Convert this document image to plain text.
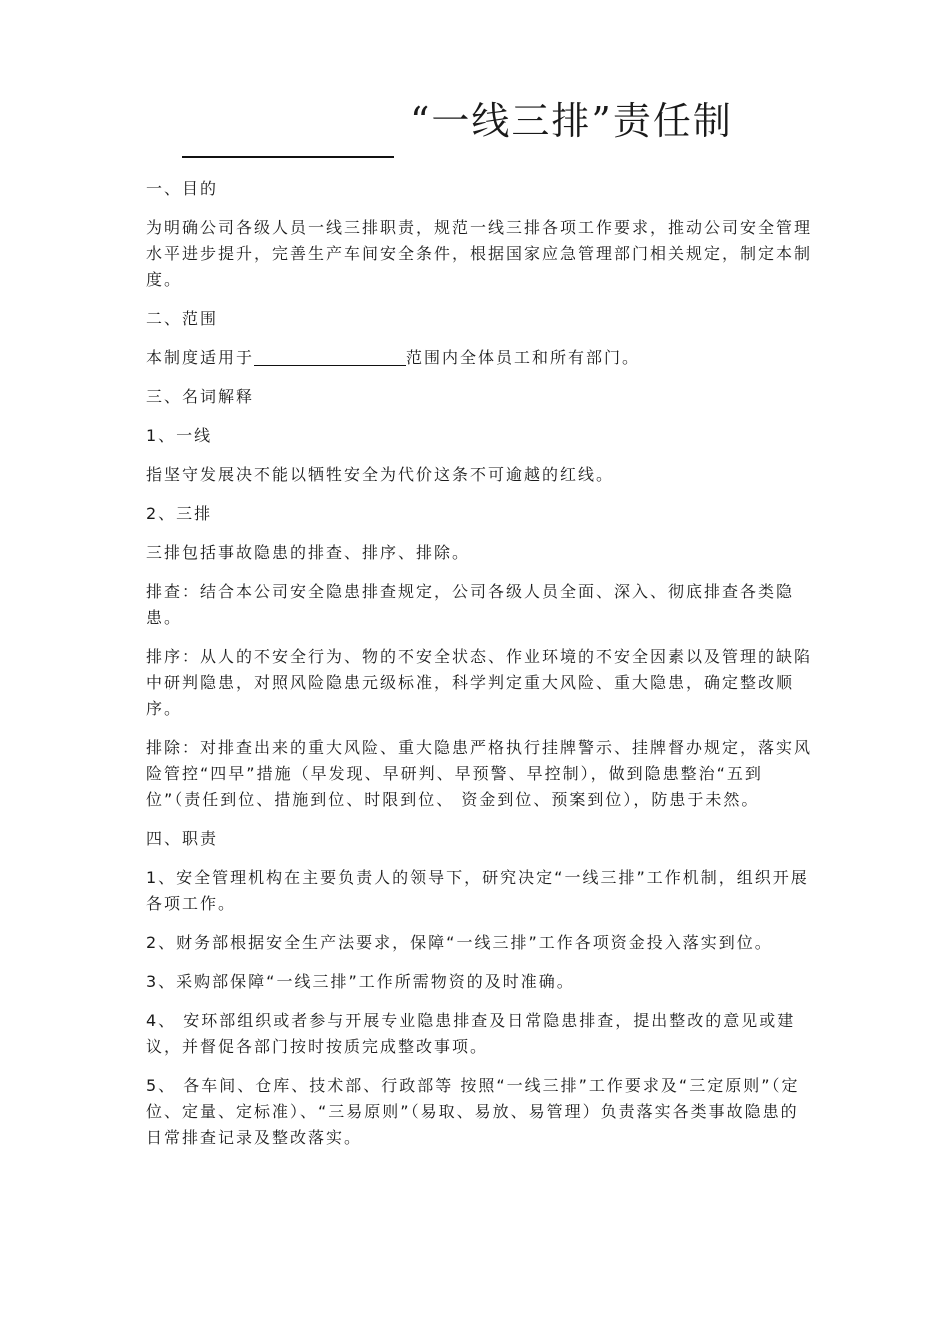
“一线三排”责任制

一、目的

为明确公司各级人员一线三排职责，规范一线三排各项工作要求，推动公司安全管理水平进步提升，完善生产车间安全条件，根据国家应急管理部门相关规定，制定本制度。

二、范围

本制度适用于	范围内全体员工和所有部门。

三、名词解释

1、一线

指坚守发展决不能以牺牲安全为代价这条不可逾越的红线。

2、三排

三排包括事故隐患的排查、排序、排除。

排查：结合本公司安全隐患排查规定，公司各级人员全面、深入、彻底排查各类隐患。

排序：从人的不安全行为、物的不安全状态、作业环境的不安全因素以及管理的缺陷中研判隐患，对照风险隐患元级标准，科学判定重大风险、重大隐患，确定整改顺序。

排除：对排查出来的重大风险、重大隐患严格执行挂牌警示、挂牌督办规定，落实风险管控“四早”措施（早发现、早研判、早预警、早控制），做到隐患整治“五到位”（责任到位、措施到位、时限到位、 资金到位、预案到位），防患于未然。

四、职责

1、安全管理机构在主要负责人的领导下，研究决定“一线三排”工作机制，组织开展各项工作。

2、财务部根据安全生产法要求，保障“一线三排”工作各项资金投入落实到位。

3、采购部保障“一线三排”工作所需物资的及时准确。

4、 安环部组织或者参与开展专业隐患排查及日常隐患排查，提出整改的意见或建议，并督促各部门按时按质完成整改事项。

5、 各车间、仓库、技术部、行政部等 按照“一线三排”工作要求及“三定原则”（定位、定量、定标准）、“三易原则”（易取、易放、易管理）负责落实各类事故隐患的日常排查记录及整改落实。
